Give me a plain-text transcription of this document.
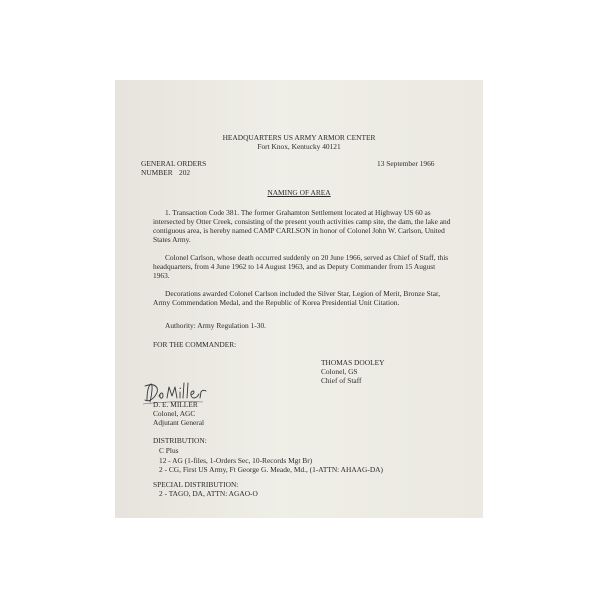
HEADQUARTERS US ARMY ARMOR CENTER
Fort Knox, Kentucky 40121
GENERAL ORDERS	13 September 1966
NUMBER 202
NAMING OF AREA
1. Transaction Code 381. The former Grahamton Settlement located at Highway US 60 as intersected by Otter Creek, consisting of the present youth activities camp site, the dam, the lake and contiguous area, is hereby named CAMP CARLSON in honor of Colonel John W. Carlson, United States Army.
Colonel Carlson, whose death occurred suddenly on 20 June 1966, served as Chief of Staff, this headquarters, from 4 June 1962 to 14 August 1963, and as Deputy Commander from 15 August 1963.
Decorations awarded Colonel Carlson included the Silver Star, Legion of Merit, Bronze Star, Army Commendation Medal, and the Republic of Korea Presidential Unit Citation.
Authority: Army Regulation 1-30.
FOR THE COMMANDER:
THOMAS DOOLEY
Colonel, GS
Chief of Staff
D. E. MILLER
Colonel, AGC
Adjutant General
DISTRIBUTION:
C Plus
12 - AG (1-files, 1-Orders Sec, 10-Records Mgt Br)
2 - CG, First US Army, Ft George G. Meade, Md., (1-ATTN: AHAAG-DA)
SPECIAL DISTRIBUTION:
2 - TAGO, DA, ATTN: AGAO-O
